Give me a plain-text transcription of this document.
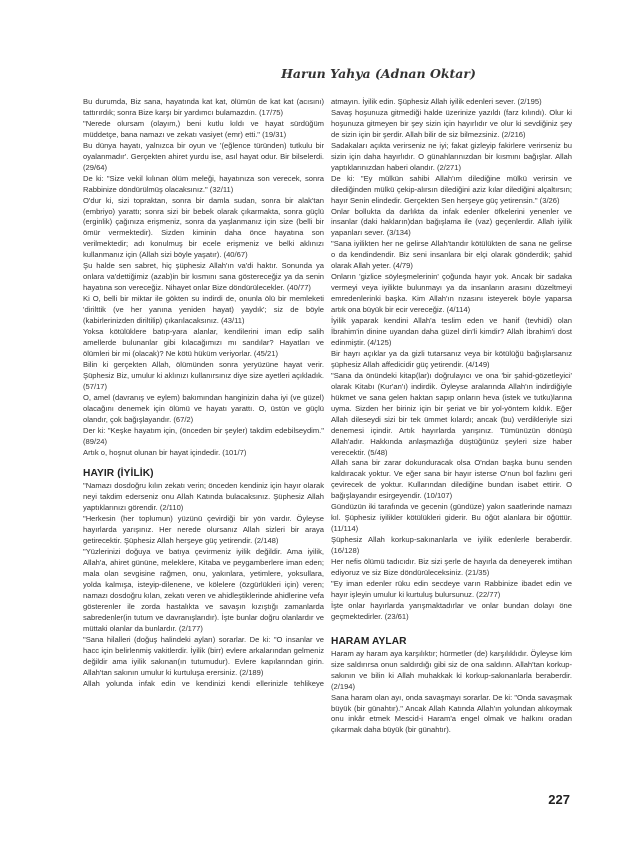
Harun Yahya (Adnan Oktar)

Bu durumda, Biz sana, hayatında kat kat, ölümün de kat kat (acısını) tattırırdık; sonra Bize karşı bir yardımcı bulamazdın. (17/75)

"Nerede olursam (olayım,) beni kutlu kıldı ve hayat sürdüğüm müddetçe, bana namazı ve zekatı vasiyet (emr) etti." (19/31)

Bu dünya hayatı, yalnızca bir oyun ve '(eğlence türünden) tutkulu bir oyalanmadır'. Gerçekten ahiret yurdu ise, asıl hayat odur. Bir bilselerdi. (29/64)

De ki: "Size vekil kılınan ölüm meleği, hayatınıza son verecek, sonra Rabbinize döndürülmüş olacaksınız." (32/11)

O'dur ki, sizi topraktan, sonra bir damla sudan, sonra bir alak'tan (embriyo) yarattı; sonra sizi bir bebek olarak çıkarmakta, sonra güçlü (erginlik) çağınıza erişmeniz, sonra da yaşlanmanız için size (belli bir ömür vermektedir). Sizden kiminin daha önce hayatına son verilmektedir; adı konulmuş bir ecele erişmeniz ve belki aklınızı kullanmanız için (Allah sizi böyle yaşatır). (40/67)

Şu halde sen sabret, hiç şüphesiz Allah'ın va'di haktır. Sonunda ya onlara va'dettiğimiz (azab)in bir kısmını sana göstereceğiz ya da senin hayatına son vereceğiz. Nihayet onlar Bize döndürülecekler. (40/77)

Ki O, belli bir miktar ile gökten su indirdi de, onunla ölü bir memleketi 'dirilttik (ve her yanına yeniden hayat) yaydık'; siz de böyle (kabirlerinizden diriltilip) çıkarılacaksınız. (43/11)

Yoksa kötülüklere batıp-yara alanlar, kendilerini iman edip salih amellerde bulunanlar gibi kılacağımızı mı sandılar? Hayatları ve ölümleri bir mi (olacak)? Ne kötü hüküm veriyorlar. (45/21)

Bilin ki gerçekten Allah, ölümünden sonra yeryüzüne hayat verir. Şüphesiz Biz, umulur ki aklınızı kullanırsınız diye size ayetleri açıkladık. (57/17)

O, amel (davranış ve eylem) bakımından hanginizin daha iyi (ve güzel) olacağını denemek için ölümü ve hayatı yarattı. O, üstün ve güçlü olandır, çok bağışlayandır. (67/2)

Der ki: "Keşke hayatım için, (önceden bir şeyler) takdim edebilseydim." (89/24)

Artık o, hoşnut olunan bir hayat içindedir. (101/7)

HAYIR (İYİLİK)

"Namazı dosdoğru kılın zekatı verin; önceden kendiniz için hayır olarak neyi takdim ederseniz onu Allah Katında bulacaksınız. Şüphesiz Allah yaptıklarınızı görendir. (2/110)

"Herkesin (her toplumun) yüzünü çevirdiği bir yön vardır. Öyleyse hayırlarda yarışınız. Her nerede olursanız Allah sizleri bir araya getirecektir. Şüphesiz Allah herşeye güç yetirendir. (2/148)

"Yüzlerinizi doğuya ve batıya çevirmeniz iyilik değildir. Ama iyilik, Allah'a, ahiret gününe, meleklere, Kitaba ve peygamberlere iman eden; mala olan sevgisine rağmen, onu, yakınlara, yetimlere, yoksullara, yolda kalmışa, isteyip-dilenene, ve kölelere (özgürlükleri için) veren; namazı dosdoğru kılan, zekatı veren ve ahidleştiklerinde ahidlerine vefa gösterenler ile zorda hastalıkta ve savaşın kızıştığı zamanlarda sabredenler(in tutum ve davranışlarıdır). İşte bunlar doğru olanlardır ve müttaki olanlar da bunlardır. (2/177)

"Sana hilalleri (doğuş halindeki ayları) sorarlar. De ki: "O insanlar ve hacc için belirlenmiş vakitlerdir. İyilik (birr) evlere arkalarından gelmeniz değildir ama iyilik sakınan(ın tutumudur). Evlere kapılarından girin. Allah'tan sakının umulur ki kurtuluşa erersiniz. (2/189)

Allah yolunda infak edin ve kendinizi kendi ellerinizle tehlikeye

atmayın. İyilik edin. Şüphesiz Allah iyilik edenleri sever. (2/195)

Savaş hoşunuza gitmediği halde üzerinize yazıldı (farz kılındı). Olur ki hoşunuza gitmeyen bir şey sizin için hayırlıdır ve olur ki sevdiğiniz şey de sizin için bir şerdir. Allah bilir de siz bilmezsiniz. (2/216)

Sadakaları açıkta verirseniz ne iyi; fakat gizleyip fakirlere verirseniz bu sizin için daha hayırlıdır. O günahlarınızdan bir kısmını bağışlar. Allah yaptıklarınızdan haberi olandır. (2/271)

De ki: "Ey mülkün sahibi Allah'ım dilediğine mülkü verirsin ve dilediğinden mülkü çekip-alırsın dilediğini aziz kılar dilediğini alçaltırsın; hayır Senin elindedir. Gerçekten Sen herşeye güç yetirensin." (3/26)

Onlar bollukta da darlıkta da infak edenler öfkelerini yenenler ve insanlar (daki hakların)dan bağışlama ile (vaz) geçenlerdir. Allah iyilik yapanları sever. (3/134)

"Sana iyilikten her ne gelirse Allah'tandır kötülükten de sana ne gelirse o da kendindendir. Biz seni insanlara bir elçi olarak gönderdik; şahid olarak Allah yeter. (4/79)

Onların 'gizlice söyleşmelerinin' çoğunda hayır yok. Ancak bir sadaka vermeyi veya iyilikte bulunmayı ya da insanların arasını düzeltmeyi emredenlerinki başka. Kim Allah'ın rızasını isteyerek böyle yaparsa artık ona büyük bir ecir vereceğiz. (4/114)

İyilik yaparak kendini Allah'a teslim eden ve hanif (tevhidi) olan İbrahim'in dinine uyandan daha güzel din'li kimdir? Allah İbrahim'i dost edinmiştir. (4/125)

Bir hayrı açıklar ya da gizli tutarsanız veya bir kötülüğü bağışlarsanız şüphesiz Allah affedicidir güç yetirendir. (4/149)

"Sana da önündeki kitap(lar)ı doğrulayıcı ve ona 'bir şahid-gözetleyici' olarak Kitabı (Kur'an'ı) indirdik. Öyleyse aralarında Allah'ın indirdiğiyle hükmet ve sana gelen haktan sapıp onların heva (istek ve tutku)larına uyma. Sizden her biriniz için bir şeriat ve bir yol-yöntem kıldık. Eğer Allah dileseydi sizi bir tek ümmet kılardı; ancak (bu) verdikleriyle sizi denemesi içindir. Artık hayırlarda yarışınız. Tümünüzün dönüşü Allah'adır. Hakkında anlaşmazlığa düştüğünüz şeyleri size haber verecektir. (5/48)

Allah sana bir zarar dokunduracak olsa O'ndan başka bunu senden kaldıracak yoktur. Ve eğer sana bir hayır isterse O'nun bol fazlını geri çevirecek de yoktur. Kullarından dilediğine bundan isabet ettirir. O bağışlayandır esirgeyendir. (10/107)

Gündüzün iki tarafında ve gecenin (gündüze) yakın saatlerinde namazı kıl. Şüphesiz iyilikler kötülükleri giderir. Bu öğüt alanlara bir öğüttür. (11/114)

Şüphesiz Allah korkup-sakınanlarla ve iyilik edenlerle beraberdir. (16/128)

Her nefis ölümü tadıcıdır. Biz sizi şerle de hayırla da deneyerek imtihan ediyoruz ve siz Bize döndürüleceksiniz. (21/35)

"Ey iman edenler rüku edin secdeye varın Rabbinize ibadet edin ve hayır işleyin umulur ki kurtuluş bulursunuz. (22/77)

İşte onlar hayırlarda yarışmaktadırlar ve onlar bundan dolayı öne geçmektedirler. (23/61)

HARAM AYLAR

Haram ay haram aya karşılıktır; hürmetler (de) karşılıklıdır. Öyleyse kim size saldırırsa onun saldırdığı gibi siz de ona saldırın. Allah'tan korkup-sakının ve bilin ki Allah muhakkak ki korkup-sakınanlarla beraberdir. (2/194)

Sana haram olan ayı, onda savaşmayı sorarlar. De ki: "Onda savaşmak büyük (bir günahtır)." Ancak Allah Katında Allah'ın yolundan alıkoymak onu inkâr etmek Mescid-i Haram'a engel olmak ve halkını oradan çıkarmak daha büyük (bir günahtır).

227
